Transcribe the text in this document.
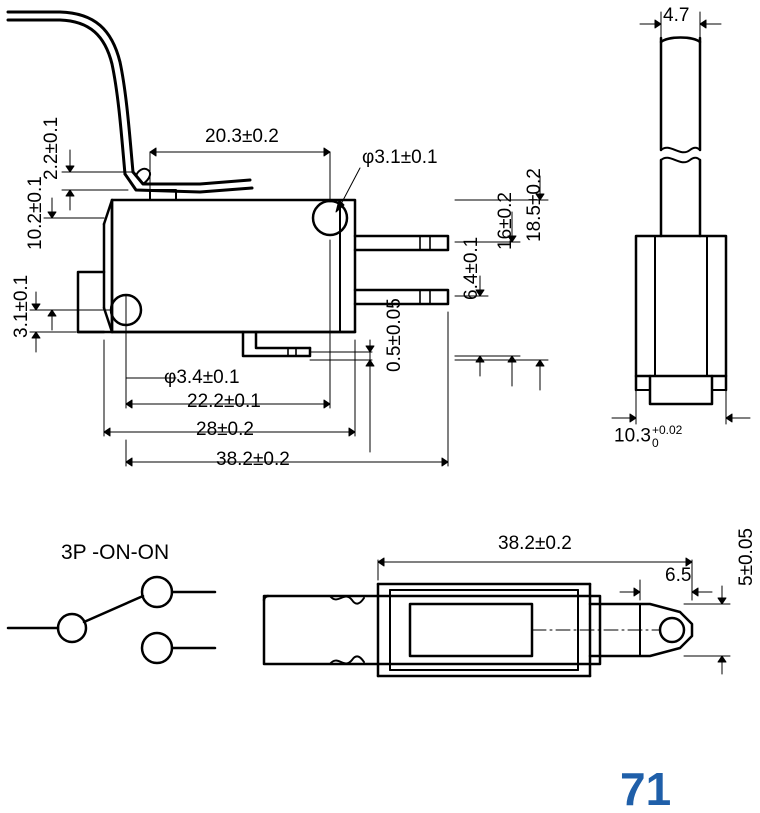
2.2±0.1	20.3±0.2
φ3.1±0.1
10.2±0.1
3.1±0.1
φ3.4±0.1
22.2±0.1
28±0.2
38.2±0.2
0.5±0.05
6.4±0.1
16±0.2 18.5±0.2
4.7
10.3 +0.02
0
38.2±0.2
6.5 5±0.05
3P -ON-ON
71
